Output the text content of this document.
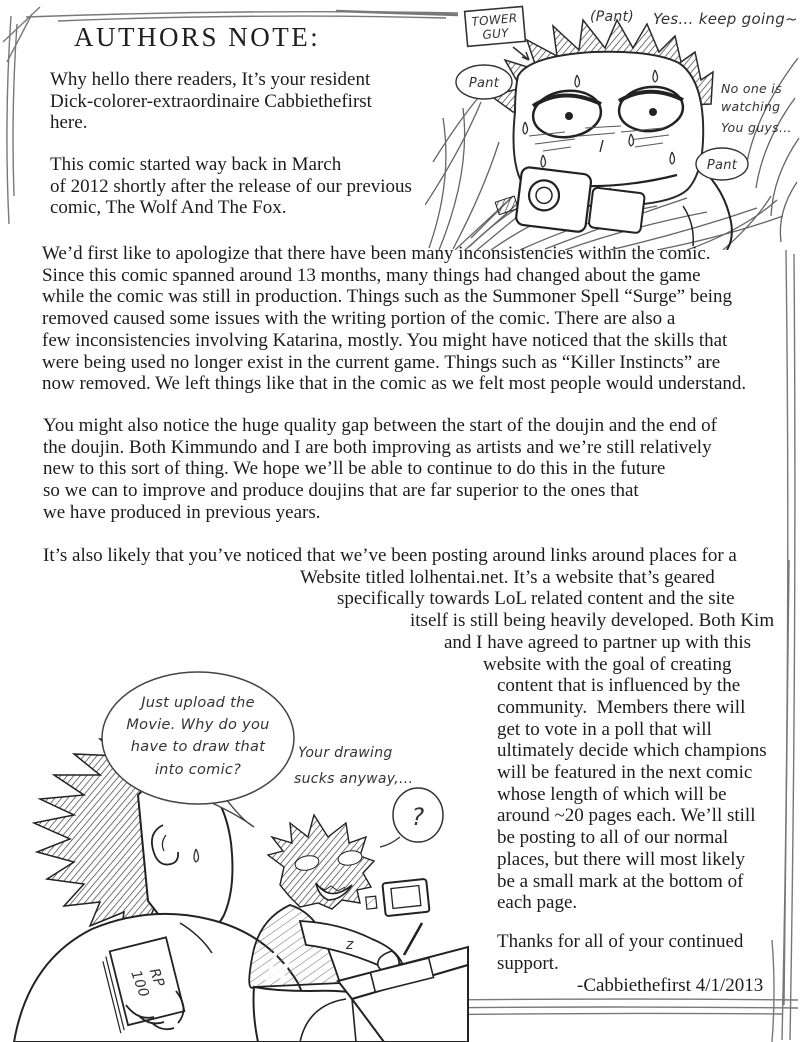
TOWER
GUY
Pant
Pant
(Pant) Yes... keep going~
No one is
watching
You guys...
RP
100
z
Just upload the
Movie. Why do you
have to draw that
into comic?
Your drawing
sucks anyway,...
?
AUTHORS NOTE:
Why hello there readers, It’s your resident
Dick-colorer-extraordinaire Cabbiethefirst
here.
This comic started way back in March
of 2012 shortly after the release of our previous
comic, The Wolf And The Fox.
We’d first like to apologize that there have been many inconsistencies within the comic.
Since this comic spanned around 13 months, many things had changed about the game
while the comic was still in production. Things such as the Summoner Spell “Surge” being
removed caused some issues with the writing portion of the comic. There are also a
few inconsistencies involving Katarina, mostly. You might have noticed that the skills that
were being used no longer exist in the current game. Things such as “Killer Instincts” are
now removed. We left things like that in the comic as we felt most people would understand.
You might also notice the huge quality gap between the start of the doujin and the end of
the doujin. Both Kimmundo and I are both improving as artists and we’re still relatively
new to this sort of thing. We hope we’ll be able to continue to do this in the future
so we can to improve and produce doujins that are far superior to the ones that
we have produced in previous years.
It’s also likely that you’ve noticed that we’ve been posting around links around places for a
Website titled lolhentai.net. It’s a website that’s geared
specifically towards LoL related content and the site
itself is still being heavily developed. Both Kim
and I have agreed to partner up with this
website with the goal of creating
content that is influenced by the
community.  Members there will
get to vote in a poll that will
ultimately decide which champions
will be featured in the next comic
whose length of which will be
around ~20 pages each. We’ll still
be posting to all of our normal
places, but there will most likely
be a small mark at the bottom of
each page.
Thanks for all of your continued
support.
-Cabbiethefirst 4/1/2013
